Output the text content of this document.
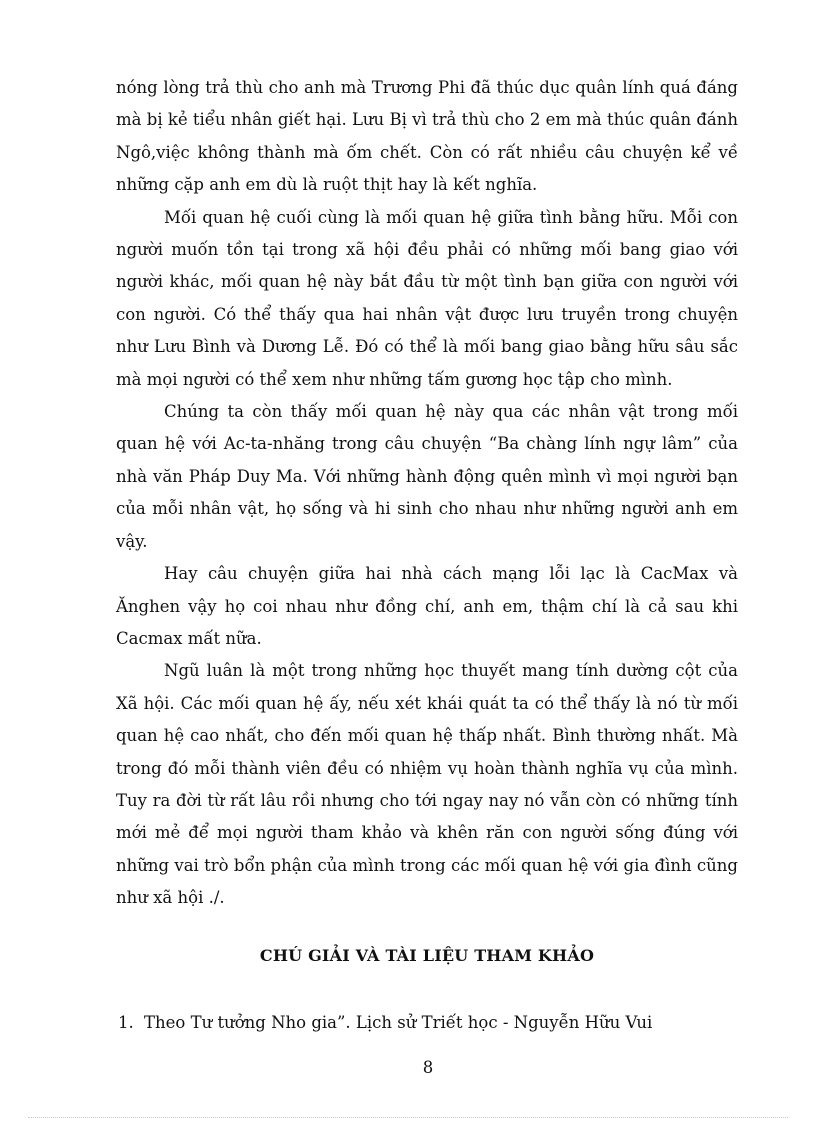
nóng lòng trả thù cho anh mà Trương Phi đã thúc dục quân lính quá đáng mà bị kẻ tiểu nhân giết hại. Lưu Bị vì trả thù cho 2 em mà thúc quân đánh Ngô,việc không thành mà ốm chết. Còn có rất nhiều câu chuyện kể về những cặp anh em dù là ruột thịt hay là kết nghĩa.

Mối quan hệ cuối cùng là mối quan hệ giữa tình bằng hữu. Mỗi con người muốn tồn tại trong xã hội đều phải có những mối bang giao với người khác, mối quan hệ này bắt đầu từ một tình bạn giữa con người với con người. Có thể thấy qua hai nhân vật được lưu truyền trong chuyện như Lưu Bình và Dương Lễ. Đó có thể là mối bang giao bằng hữu sâu sắc mà mọi người có thể xem như những tấm gương học tập cho mình.

Chúng ta còn thấy mối quan hệ này qua các nhân vật trong mối quan hệ với Ac-ta-nhăng trong câu chuyện “Ba chàng lính ngự lâm” của nhà văn Pháp Duy Ma. Với những hành động quên mình vì mọi người bạn của mỗi nhân vật, họ sống và hi sinh cho nhau như những người anh em vậy.

Hay câu chuyện giữa hai nhà cách mạng lỗi lạc là CacMax và Ănghen vậy họ coi nhau như đồng chí, anh em, thậm chí là cả sau khi Cacmax mất nữa.

Ngũ luân là một trong những học thuyết mang tính dường cột của Xã hội. Các mối quan hệ ấy, nếu xét khái quát ta có thể thấy là nó từ mối quan hệ cao nhất, cho đến mối quan hệ thấp nhất. Bình thường nhất. Mà trong đó mỗi thành viên đều có nhiệm vụ hoàn thành nghĩa vụ của mình. Tuy ra đời từ rất lâu rồi nhưng cho tới ngay nay nó vẫn còn có những tính mới mẻ để mọi người tham khảo và khên răn con người sống đúng với những vai trò bổn phận của mình trong các mối quan hệ với gia đình cũng như xã hội ./.

CHÚ GIẢI VÀ TÀI LIỆU THAM KHẢO
1. Theo Tư tưởng Nho gia”. Lịch sử Triết học - Nguyễn Hữu Vui
8
